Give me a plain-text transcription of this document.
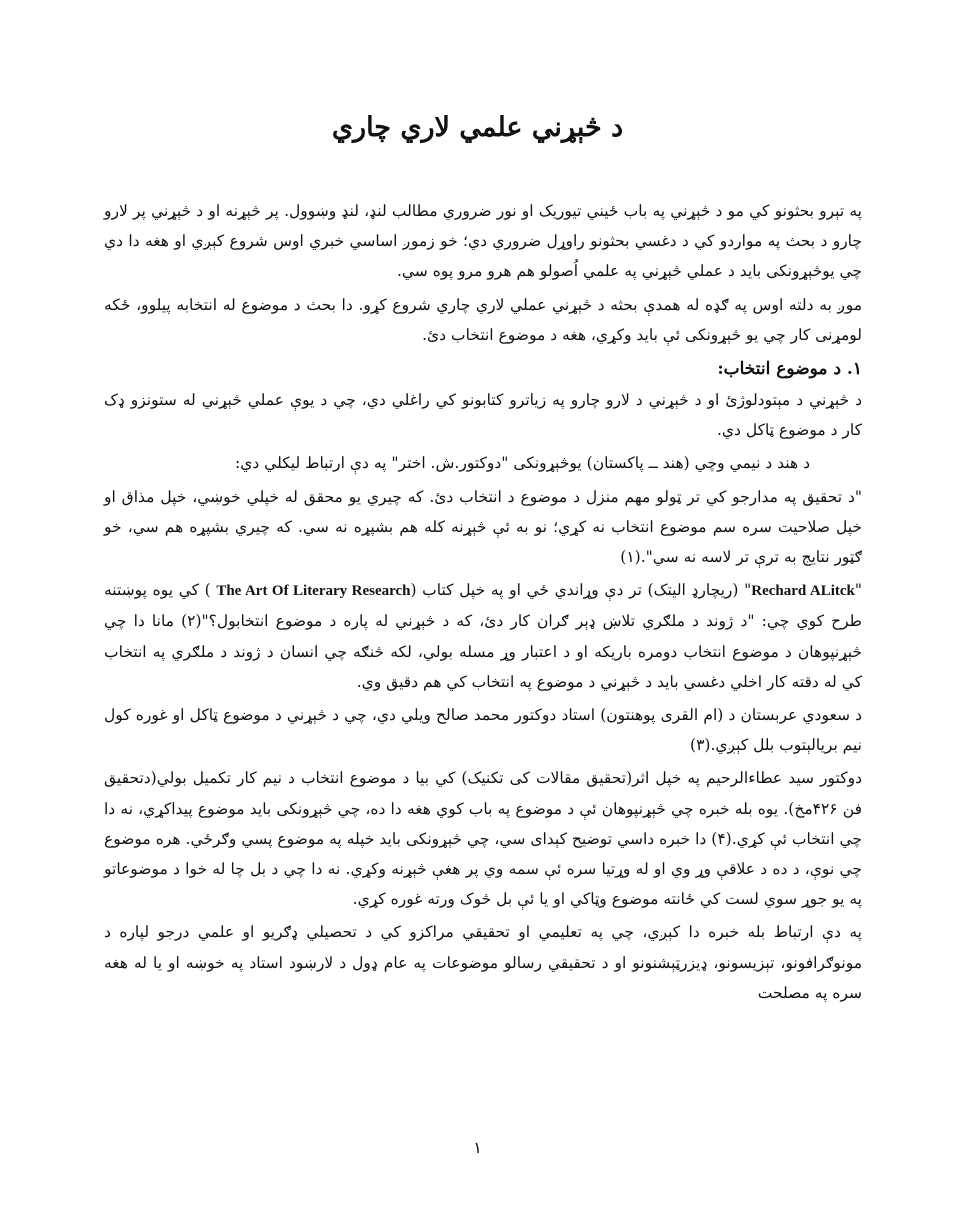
د څېړني علمي لاري چاري

په تېرو بحثونو کي مو د څېړني په باب ځيني تيوريک او نور ضروري مطالب لنډ، لنډ وښوول. پر څېړنه او د څېړني پر لارو چارو د بحث په مواردو کي د دغسي بحثونو راوړل ضروري دي؛ خو زموږ اساسي خبري اوس شروع کېږي او هغه دا دي چي يوڅېړونکی بايد د عملي څېړني په علمي اُصولو هم هرو مرو پوه سي.

موږ به دلته اوس په ګډه له همدې بحثه د څېړني عملي لاري چاري شروع کړو. دا بحث د موضوع له انتخابه پيلوو، ځکه لومړنی کار چي يو څېړونکی ئې بايد وکړي، هغه د موضوع انتخاب دئ.

۱. د موضوع انتخاب:

د څېړني د مېتودلوژئ او د څېړني د لارو چارو په زياترو کتابونو کي راغلي دي، چي د يوې عملي څېړني له ستونزو ډک کار د موضوع ټاکل دي.

د هند د نيمي وچي (هند ــ پاکستان) يوڅېړونکی "دوکتور.ش. اختر" په دې ارتباط ليکلي دي:

"د تحقيق په مدارجو کي تر ټولو مهم منزل د موضوع د انتخاب دئ. که چيري يو محقق له خپلي خوښي، خپل مذاق او خپل صلاحيت سره سم موضوع انتخاب نه کړي؛ نو به ئې څېړنه کله هم بشپړه نه سي. که چيري بشپړه هم سي، خو ګټور نتايج به ترې تر لاسه نه سي".(۱)

"Rechard ALitck" (ريچارډ اليتک) تر دې وړاندي ځي او په خپل کتاب (The Art Of Literary Research ) کي يوه پوښتنه طرح کوي چي: "د ژوند د ملګري تلاښ ډېر ګران کار دئ، که د څېړني له پاره د موضوع انتخابول؟"(۲) مانا دا چي څېړنپوهان د موضوع انتخاب دومره باريکه او د اعتبار وړ مسله بولي، لکه څنګه چي انسان د ژوند د ملګري په انتخاب کي له دقته کار اخلي دغسي بايد د څېړني د موضوع په انتخاب کي هم دقيق وي.

د سعودي عربستان د (ام القری پوهنتون) استاد دوکتور محمد صالح ويلي دي، چي د څېړني د موضوع ټاکل او غوره کول نيم بريالېتوب بلل کېږي.(۳)

دوکتور سيد عطاءالرحيم په خپل اثر(تحقيق مقالات کی تکنيک) کي بيا د موضوع انتخاب د نيم کار تکميل بولي(دتحقيق فن ۴۲۶مخ). يوه بله خبره چي څېړنپوهان ئې د موضوع په باب کوي هغه دا ده، چي څېړونکی بايد موضوع پيداکړي، نه دا چي انتخاب ئې کړي.(۴) دا خبره داسي توضيح کېدای سي، چي څېړونکی بايد خپله په موضوع پسي وګرځي. هره موضوع چي نوې، د ده د علاقې وړ وي او له وړتيا سره ئې سمه وي پر هغې څېړنه وکړي. نه دا چي د بل چا له خوا د موضوعاتو په يو جوړ سوي لست کي ځانته موضوع وټاکي او يا ئې بل څوک ورته غوره کړي.

په دې ارتباط بله خبره دا کېږي، چي په تعليمي او تحقيقي مراکزو کي د تحصيلي ډګريو او علمي درجو لپاره د مونوګرافونو، تېزيسونو، ډيزرټېشنونو او د تحقيقي رسالو موضوعات په عام ډول د لارښود استاد په خوښه او يا له هغه سره په مصلحت

۱
